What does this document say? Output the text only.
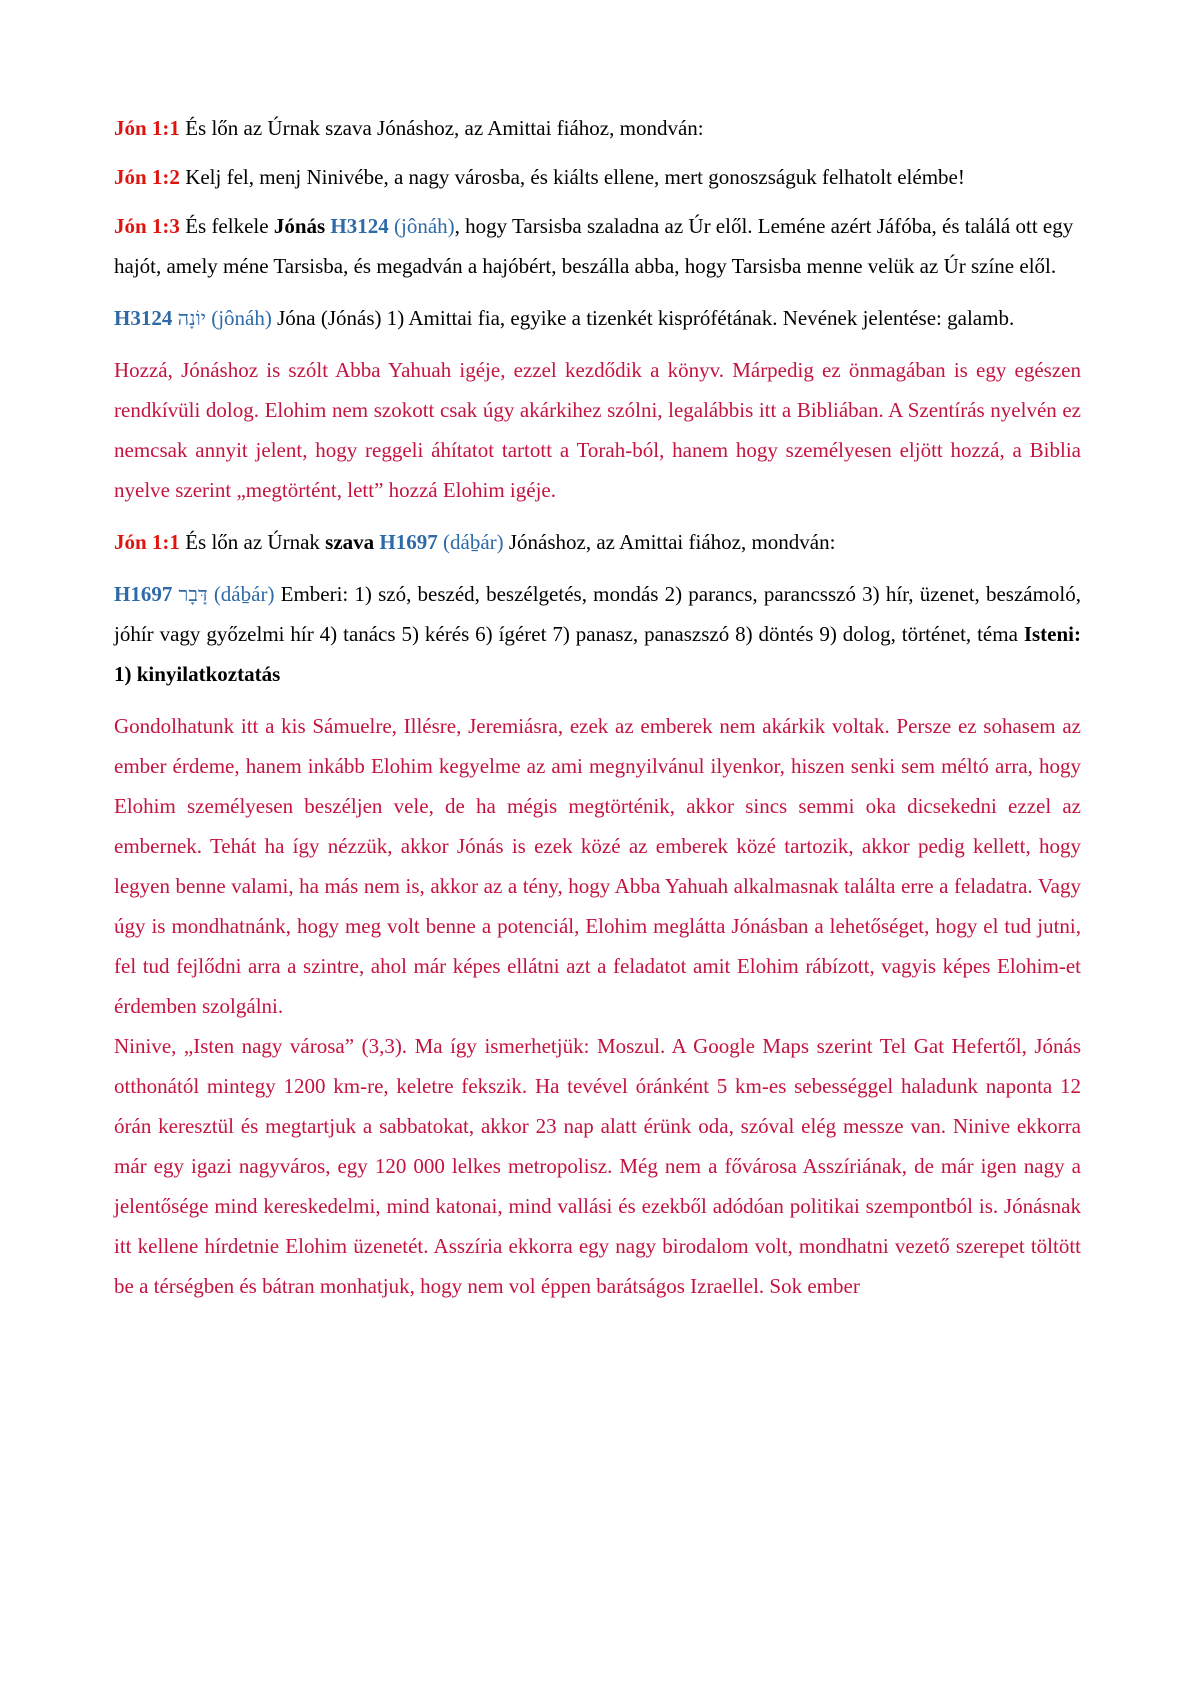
Jón 1:1 És lőn az Úrnak szava Jónáshoz, az Amittai fiához, mondván:

Jón 1:2 Kelj fel, menj Ninivébe, a nagy városba, és kiálts ellene, mert gonoszságuk felhatolt elémbe!

Jón 1:3 És felkele Jónás H3124 (jônáh), hogy Tarsisba szaladna az Úr elől. Leméne azért Jáfóba, és találá ott egy hajót, amely méne Tarsisba, és megadván a hajóbért, beszálla abba, hogy Tarsisba menne velük az Úr színe elől.

H3124 יוֹנָה (jônáh) Jóna (Jónás) 1) Amittai fia, egyike a tizenkét kisprófétának. Nevének jelentése: galamb.

Hozzá, Jónáshoz is szólt Abba Yahuah igéje, ezzel kezdődik a könyv. Márpedig ez önmagában is egy egészen rendkívüli dolog. Elohim nem szokott csak úgy akárkihez szólni, legalábbis itt a Bibliában. A Szentírás nyelvén ez nemcsak annyit jelent, hogy reggeli áhítatot tartott a Torah-ból, hanem hogy személyesen eljött hozzá, a Biblia nyelve szerint „megtörtént, lett” hozzá Elohim igéje.

Jón 1:1 És lőn az Úrnak szava H1697 (dáḇár) Jónáshoz, az Amittai fiához, mondván:

H1697 דָּבָר (dáḇár) Emberi: 1) szó, beszéd, beszélgetés, mondás 2) parancs, parancsszó 3) hír, üzenet, beszámoló, jóhír vagy győzelmi hír 4) tanács 5) kérés 6) ígéret 7) panasz, panaszszó 8) döntés 9) dolog, történet, téma Isteni: 1) kinyilatkoztatás

Gondolhatunk itt a kis Sámuelre, Illésre, Jeremiásra, ezek az emberek nem akárkik voltak. Persze ez sohasem az ember érdeme, hanem inkább Elohim kegyelme az ami megnyilvánul ilyenkor, hiszen senki sem méltó arra, hogy Elohim személyesen beszéljen vele, de ha mégis megtörténik, akkor sincs semmi oka dicsekedni ezzel az embernek. Tehát ha így nézzük, akkor Jónás is ezek közé az emberek közé tartozik, akkor pedig kellett, hogy legyen benne valami, ha más nem is, akkor az a tény, hogy Abba Yahuah alkalmasnak találta erre a feladatra. Vagy úgy is mondhatnánk, hogy meg volt benne a potenciál, Elohim meglátta Jónásban a lehetőséget, hogy el tud jutni, fel tud fejlődni arra a szintre, ahol már képes ellátni azt a feladatot amit Elohim rábízott, vagyis képes Elohim-et érdemben szolgálni.

Ninive, „Isten nagy városa” (3,3). Ma így ismerhetjük: Moszul. A Google Maps szerint Tel Gat Hefertől, Jónás otthonától mintegy 1200 km-re, keletre fekszik. Ha tevével óránként 5 km-es sebességgel haladunk naponta 12 órán keresztül és megtartjuk a sabbatokat, akkor 23 nap alatt érünk oda, szóval elég messze van. Ninive ekkorra már egy igazi nagyváros, egy 120 000 lelkes metropolisz. Még nem a fővárosa Asszíriának, de már igen nagy a jelentősége mind kereskedelmi, mind katonai, mind vallási és ezekből adódóan politikai szempontból is. Jónásnak itt kellene hírdetnie Elohim üzenetét. Asszíria ekkorra egy nagy birodalom volt, mondhatni vezető szerepet töltött be a térségben és bátran monhatjuk, hogy nem vol éppen barátságos Izraellel. Sok ember
